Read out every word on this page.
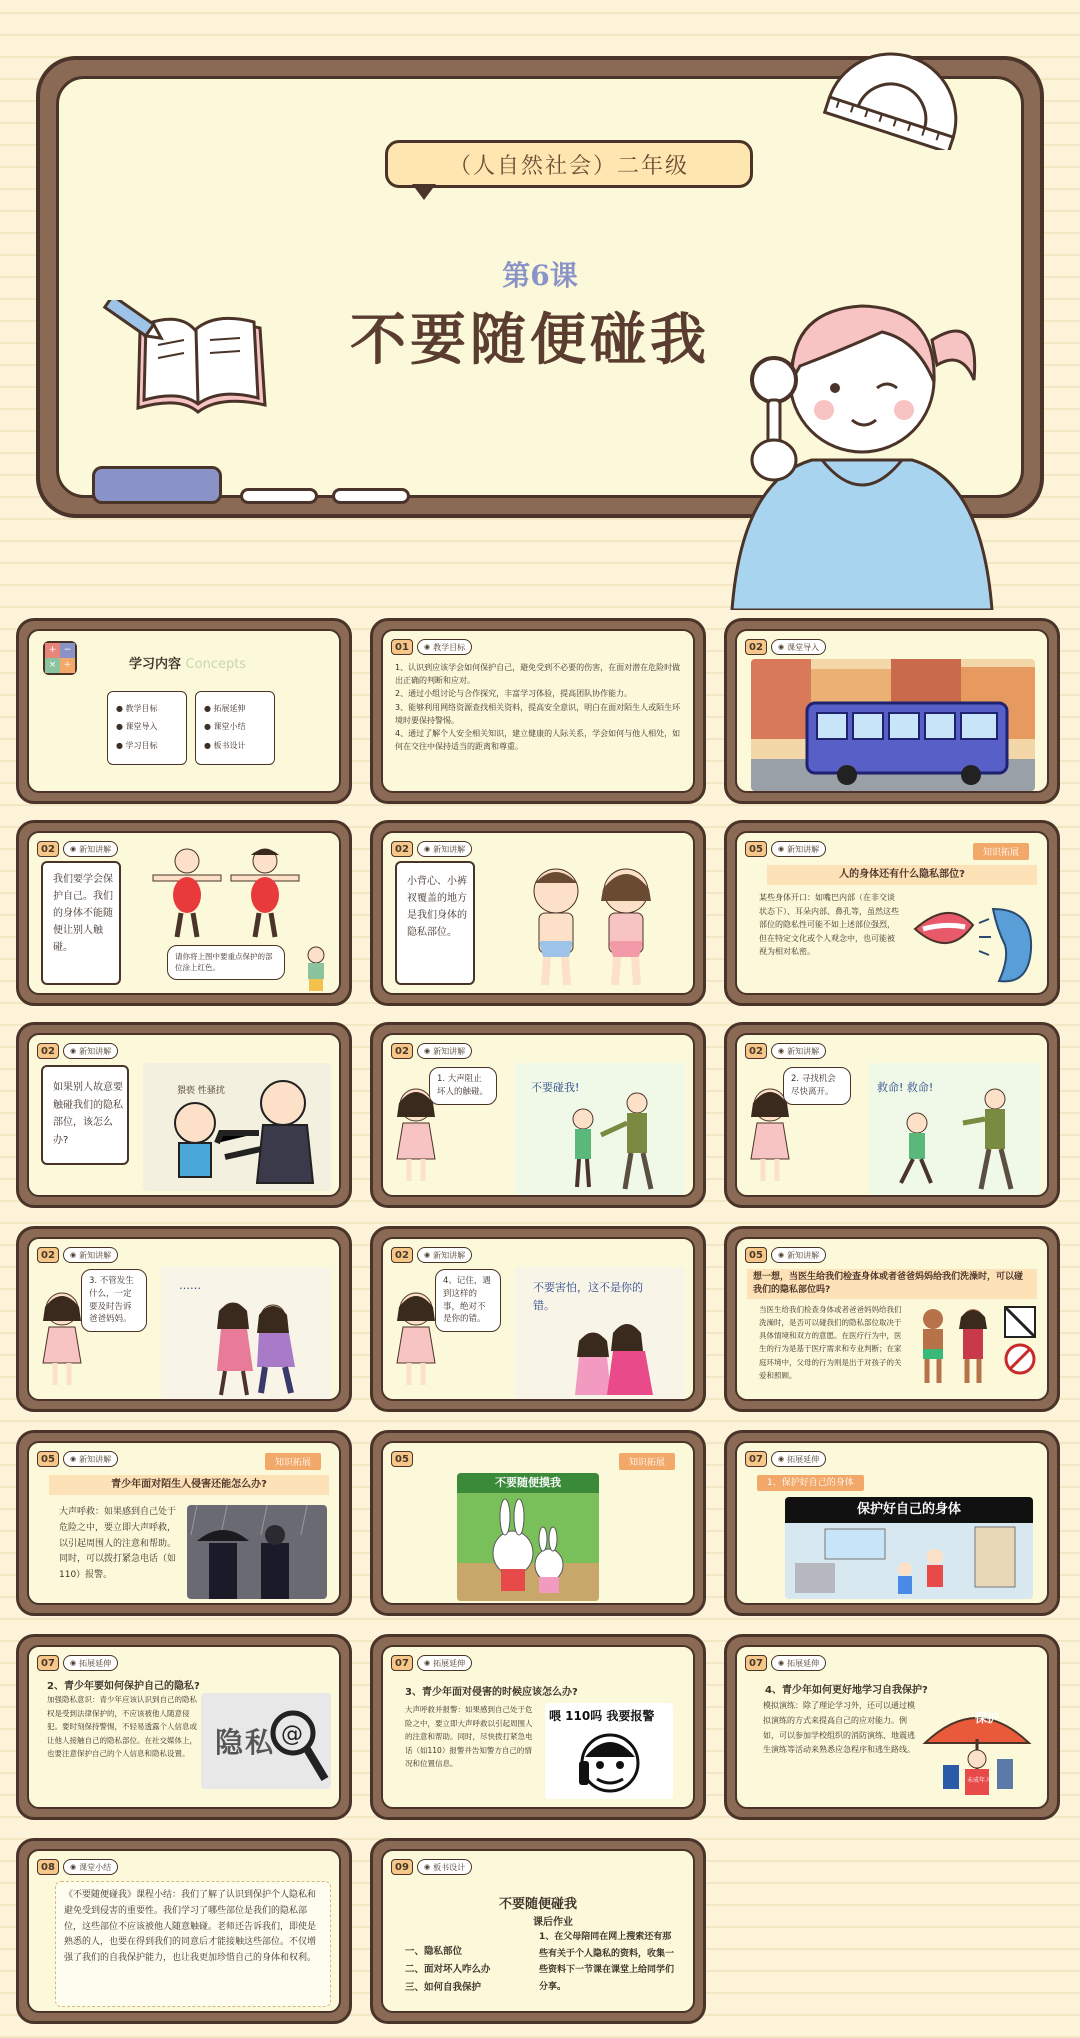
（人自然社会）二年级
第6课
不要随便碰我
+ −
× ÷	学习内容 Concepts
● 教学目标
● 课堂导入
● 学习目标
● 拓展延伸
● 课堂小结
● 板书设计
01	◉ 教学目标

1、认识到应该学会如何保护自己，避免受到不必要的伤害，在面对潜在危险时做出正确的判断和应对。

2、通过小组讨论与合作探究，丰富学习体验，提高团队协作能力。

3、能够利用网络资源查找相关资料，提高安全意识，明白在面对陌生人或陌生环境时要保持警惕。

4、通过了解个人安全相关知识，建立健康的人际关系，学会如何与他人相处，如何在交往中保持适当的距离和尊重。

02	◉ 课堂导入
02	◉ 新知讲解
我们要学会保护自己。我们的身体不能随便让别人触碰。
请你将上图中要重点保护的部位涂上红色。
02	◉ 新知讲解
小背心、小裤衩覆盖的地方是我们身体的隐私部位。
05	◉ 新知讲解	知识拓展
人的身体还有什么隐私部位?
某些身体开口：如嘴巴内部（在非交谈状态下）、耳朵内部、鼻孔等，虽然这些部位的隐私性可能不如上述部位强烈，但在特定文化或个人观念中，也可能被视为相对私密。
02	◉ 新知讲解
如果别人故意要触碰我们的隐私部位，该怎么办?
猥亵 性骚扰
02	◉ 新知讲解
1. 大声阻止坏人的触碰。	不要碰我!
02	◉ 新知讲解
2. 寻找机会尽快离开。	救命! 救命!
02	◉ 新知讲解
3. 不管发生什么，一定要及时告诉爸爸妈妈。
……
02	◉ 新知讲解
4、记住，遇到这样的事，绝对不是你的错。
不要害怕，这不是你的错。
05	◉ 新知讲解
想一想，当医生给我们检查身体或者爸爸妈妈给我们洗澡时，可以碰我们的隐私部位吗?
当医生给我们检查身体或者爸爸妈妈给我们洗澡时，是否可以碰我们的隐私部位取决于具体情境和双方的意愿。在医疗行为中，医生的行为是基于医疗需求和专业判断；在家庭环境中，父母的行为则是出于对孩子的关爱和照顾。
05	◉ 新知讲解	知识拓展
青少年面对陌生人侵害还能怎么办?
大声呼救：如果感到自己处于危险之中，要立即大声呼救，以引起周围人的注意和帮助。同时，可以拨打紧急电话（如110）报警。
05	知识拓展
不要随便摸我
07	◉ 拓展延伸
1、保护好自己的身体
保护好自己的身体
07	◉ 拓展延伸
2、青少年要如何保护自己的隐私?
加强隐私意识：青少年应该认识到自己的隐私权是受到法律保护的，不应该被他人随意侵犯。要时刻保持警惕，不轻易透露个人信息或让他人接触自己的隐私部位。在社交媒体上，也要注意保护自己的个人信息和隐私设置。 隐私 @
07	◉ 拓展延伸
3、青少年面对侵害的时候应该怎么办?
大声呼救并报警：如果感到自己处于危险之中，要立即大声呼救以引起周围人的注意和帮助。同时，尽快拨打紧急电话（如110）报警并告知警方自己的情况和位置信息。
喂 110吗 我要报警
07	◉ 拓展延伸
4、青少年如何更好地学习自我保护?
模拟演练：除了理论学习外，还可以通过模拟演练的方式来提高自己的应对能力。例如，可以参加学校组织的消防演练、地震逃生演练等活动来熟悉应急程序和逃生路线。
保护
未成年人
08	◉ 课堂小结
《不要随便碰我》课程小结：我们了解了认识到保护个人隐私和避免受到侵害的重要性。我们学习了哪些部位是我们的隐私部位，这些部位不应该被他人随意触碰。老师还告诉我们，即使是熟悉的人，也要在得到我们的同意后才能接触这些部位。不仅增强了我们的自我保护能力，也让我更加珍惜自己的身体和权利。
09	◉ 板书设计
不要随便碰我
课后作业
一、隐私部位
二、面对坏人咋么办
三、如何自我保护
1、在父母陪同在网上搜索还有那些有关于个人隐私的资料，收集一些资料下一节课在课堂上给同学们分享。
